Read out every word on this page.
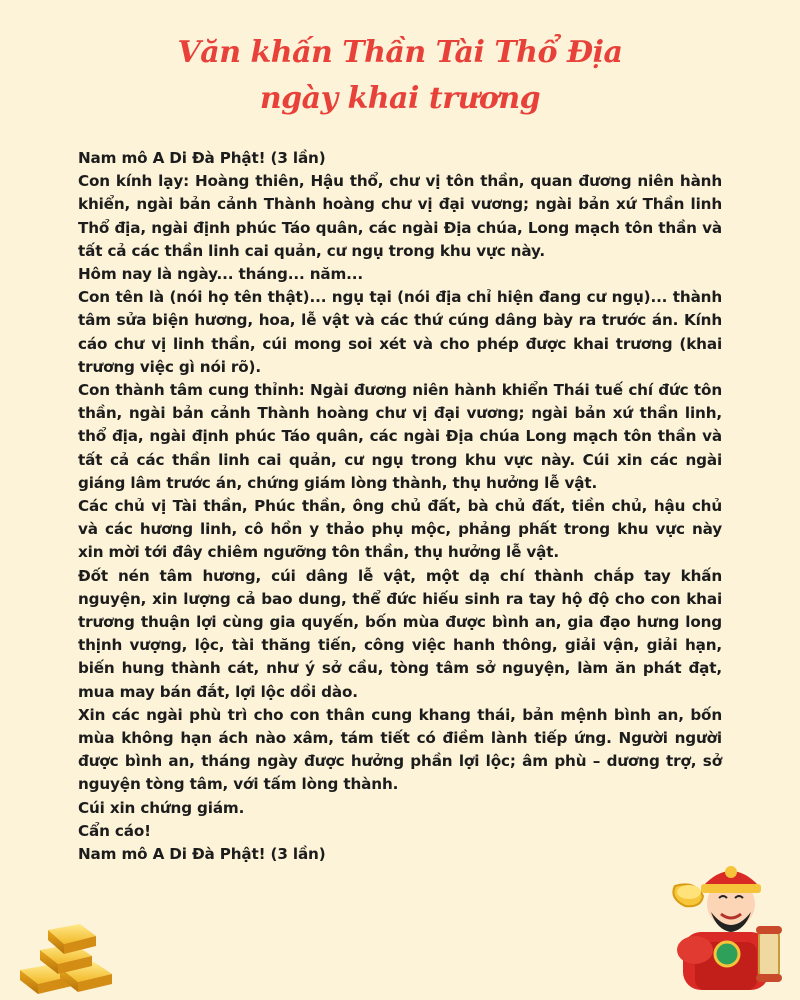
Văn khấn Thần Tài Thổ Địa
ngày khai trương

Nam mô A Di Đà Phật! (3 lần)

Con kính lạy: Hoàng thiên, Hậu thổ, chư vị tôn thần, quan đương niên hành khiển, ngài bản cảnh Thành hoàng chư vị đại vương; ngài bản xứ Thần linh Thổ địa, ngài định phúc Táo quân, các ngài Địa chúa, Long mạch tôn thần và tất cả các thần linh cai quản, cư ngụ trong khu vực này.

Hôm nay là ngày... tháng... năm...

Con tên là (nói họ tên thật)... ngụ tại (nói địa chỉ hiện đang cư ngụ)... thành tâm sửa biện hương, hoa, lễ vật và các thứ cúng dâng bày ra trước án. Kính cáo chư vị linh thần, cúi mong soi xét và cho phép được khai trương (khai trương việc gì nói rõ).

Con thành tâm cung thỉnh: Ngài đương niên hành khiển Thái tuế chí đức tôn thần, ngài bản cảnh Thành hoàng chư vị đại vương; ngài bản xứ thần linh, thổ địa, ngài định phúc Táo quân, các ngài Địa chúa Long mạch tôn thần và tất cả các thần linh cai quản, cư ngụ trong khu vực này. Cúi xin các ngài giáng lâm trước án, chứng giám lòng thành, thụ hưởng lễ vật.

Các chủ vị Tài thần, Phúc thần, ông chủ đất, bà chủ đất, tiền chủ, hậu chủ và các hương linh, cô hồn y thảo phụ mộc, phảng phất trong khu vực này xin mời tới đây chiêm ngưỡng tôn thần, thụ hưởng lễ vật.

Đốt nén tâm hương, cúi dâng lễ vật, một dạ chí thành chắp tay khấn nguyện, xin lượng cả bao dung, thể đức hiếu sinh ra tay hộ độ cho con khai trương thuận lợi cùng gia quyến, bốn mùa được bình an, gia đạo hưng long thịnh vượng, lộc, tài thăng tiến, công việc hanh thông, giải vận, giải hạn, biến hung thành cát, như ý sở cầu, tòng tâm sở nguyện, làm ăn phát đạt, mua may bán đắt, lợi lộc dồi dào.

Xin các ngài phù trì cho con thân cung khang thái, bản mệnh bình an, bốn mùa không hạn ách nào xâm, tám tiết có điềm lành tiếp ứng. Người người được bình an, tháng ngày được hưởng phần lợi lộc; âm phù – dương trợ, sở nguyện tòng tâm, với tấm lòng thành.

Cúi xin chứng giám.

Cẩn cáo!

Nam mô A Di Đà Phật! (3 lần)
